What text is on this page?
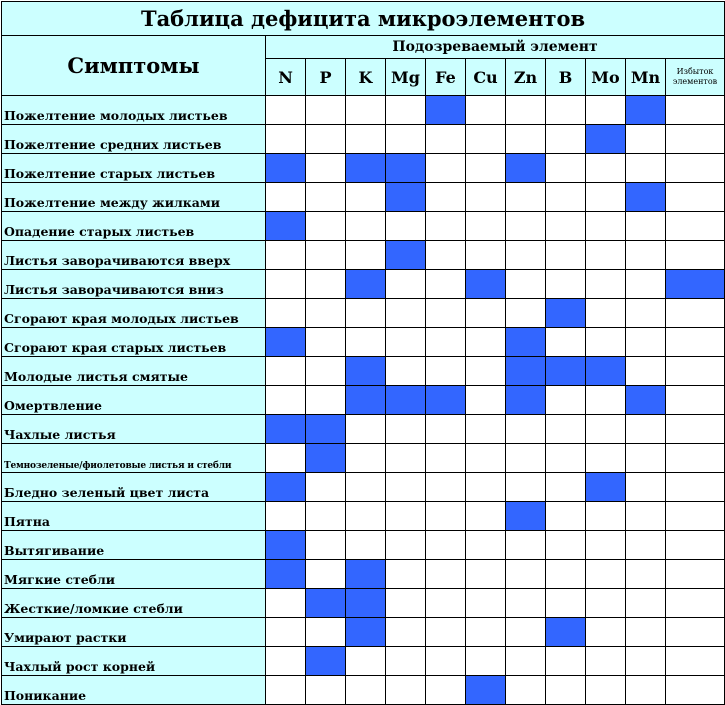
Таблица дефицита микроэлементов											
Симптомы	Подозреваемый элемент										
	N	P	K	Mg	Fe	Cu	Zn	B	Mo	Mn	Избыток элементов
Пожелтение молодых листьев											
Пожелтение средних листьев											
Пожелтение старых листьев											
Пожелтение между жилками											
Опадение старых листьев											
Листья заворачиваются вверх											
Листья заворачиваются вниз											
Сгорают края молодых листьев											
Сгорают края старых листьев											
Молодые листья смятые											
Омертвление											
Чахлые листья											
Темнозеленые/фиолетовые листья и стебли											
Бледно зеленый цвет листа											
Пятна											
Вытягивание											
Мягкие стебли											
Жесткие/ломкие стебли											
Умирают растки											
Чахлый рост корней											
Поникание											
